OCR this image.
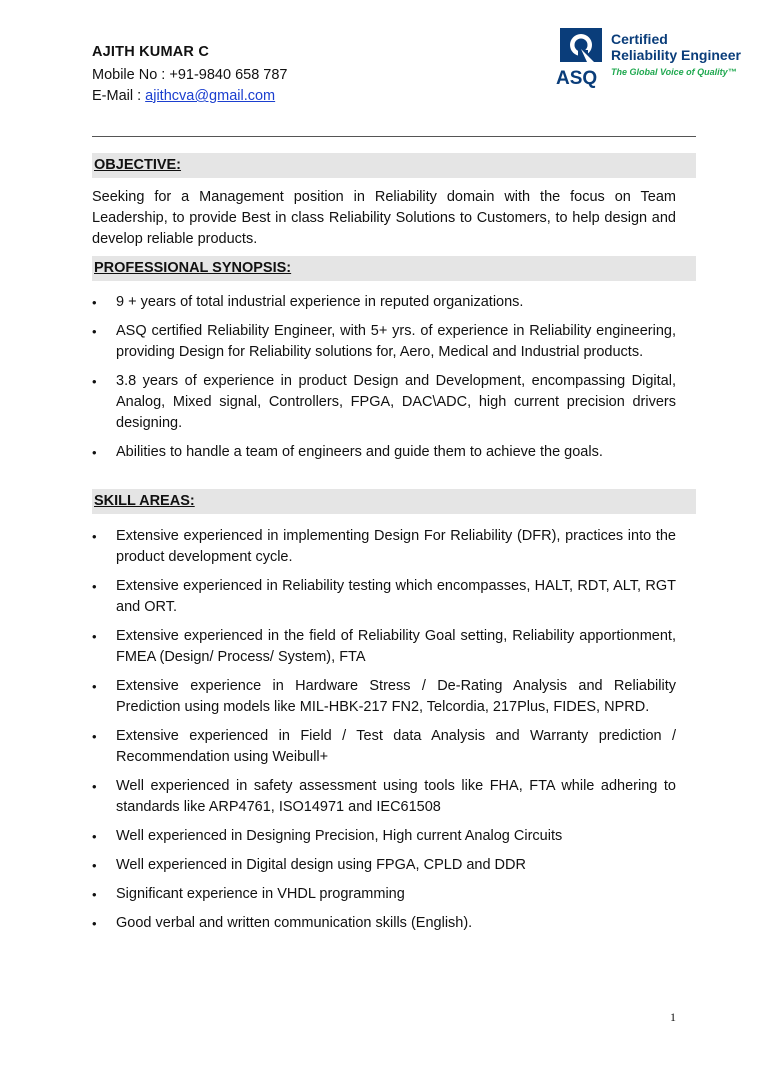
AJITH KUMAR C
Mobile No : +91-9840 658 787
E-Mail : ajithcva@gmail.com
ASQ
Certified
Reliability Engineer
The Global Voice of Quality™
OBJECTIVE:
Seeking for a Management position in Reliability domain with the focus on Team Leadership, to provide Best in class Reliability Solutions to Customers, to help design and develop reliable products.
PROFESSIONAL SYNOPSIS:
• 9 + years of total industrial experience in reputed organizations.
• ASQ certified Reliability Engineer, with 5+ yrs. of experience in Reliability engineering, providing Design for Reliability solutions for, Aero, Medical and Industrial products.
• 3.8 years of experience in product Design and Development, encompassing Digital, Analog, Mixed signal, Controllers, FPGA, DAC\ADC, high current precision drivers designing.
• Abilities to handle a team of engineers and guide them to achieve the goals.
SKILL AREAS:
• Extensive experienced in implementing Design For Reliability (DFR), practices into the product development cycle.
• Extensive experienced in Reliability testing which encompasses, HALT, RDT, ALT, RGT and ORT.
• Extensive experienced in the field of Reliability Goal setting, Reliability apportionment, FMEA (Design/ Process/ System), FTA
• Extensive experience in Hardware Stress / De-Rating Analysis and Reliability Prediction using models like MIL-HBK-217 FN2, Telcordia, 217Plus, FIDES, NPRD.
• Extensive experienced in Field / Test data Analysis and Warranty prediction / Recommendation using Weibull+
• Well experienced in safety assessment using tools like FHA, FTA while adhering to standards like ARP4761, ISO14971 and IEC61508
• Well experienced in Designing Precision, High current Analog Circuits
• Well experienced in Digital design using FPGA, CPLD and DDR
• Significant experience in VHDL programming
• Good verbal and written communication skills (English).
1
